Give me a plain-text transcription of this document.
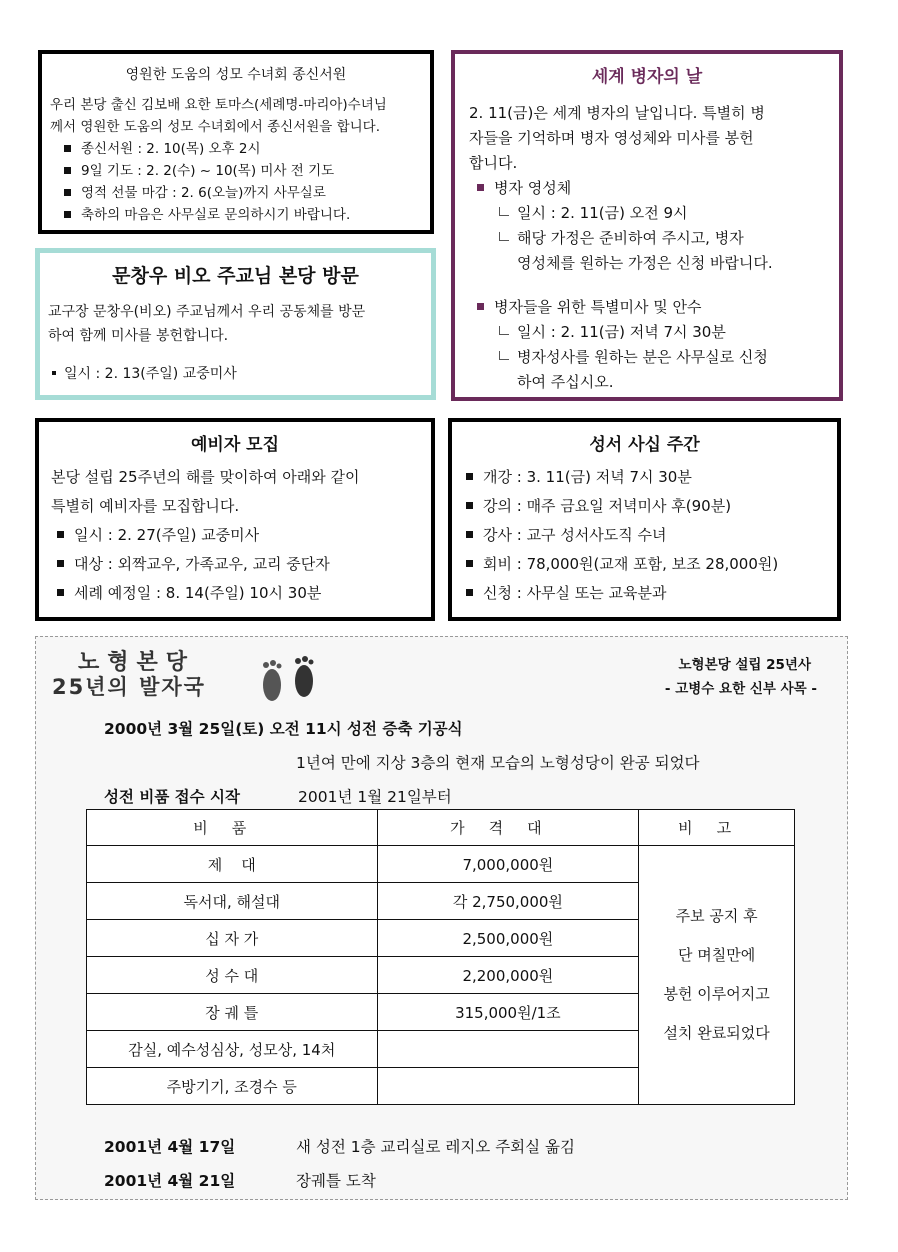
영원한 도움의 성모 수녀회 종신서원
우리 본당 출신 김보배 요한 토마스(세례명-마리아)수녀님
께서 영원한 도움의 성모 수녀회에서 종신서원을 합니다.
종신서원 : 2. 10(목) 오후 2시
9일 기도 : 2. 2(수) ~ 10(목) 미사 전 기도
영적 선물 마감 : 2. 6(오늘)까지 사무실로
축하의 마음은 사무실로 문의하시기 바랍니다.
문창우 비오 주교님 본당 방문
교구장 문창우(비오) 주교님께서 우리 공동체를 방문
하여 함께 미사를 봉헌합니다.
일시 : 2. 13(주일) 교중미사
세계 병자의 날
2. 11(금)은 세계 병자의 날입니다. 특별히 병
자들을 기억하며 병자 영성체와 미사를 봉헌
합니다.
병자 영성체
일시 : 2. 11(금) 오전 9시
해당 가정은 준비하여 주시고, 병자
영성체를 원하는 가정은 신청 바랍니다.
병자들을 위한 특별미사 및 안수
일시 : 2. 11(금) 저녁 7시 30분
병자성사를 원하는 분은 사무실로 신청
하여 주십시오.
예비자 모집
본당 설립 25주년의 해를 맞이하여 아래와 같이
특별히 예비자를 모집합니다.
일시 : 2. 27(주일) 교중미사
대상 : 외짝교우, 가족교우, 교리 중단자
세례 예정일 : 8. 14(주일) 10시 30분
성서 사십 주간
개강 : 3. 11(금) 저녁 7시 30분
강의 : 매주 금요일 저녁미사 후(90분)
강사 : 교구 성서사도직 수녀
회비 : 78,000원(교재 포함, 보조 28,000원)
신청 : 사무실 또는 교육분과
노형본당
25년의 발자국
노형본당 설립 25년사
- 고병수 요한 신부 사목 -
2000년 3월 25일(토) 오전 11시 성전 증축 기공식
1년여 만에 지상 3층의 현재 모습의 노형성당이 완공 되었다
성전 비품 접수 시작	2001년 1월 21일부터
비품	가격대	비고
제    대	7,000,000원	주보 공지 후
단 며칠만에
봉헌 이루어지고
설치 완료되었다

독서대, 해설대	각 2,750,000원	
십 자 가	2,500,000원	
성 수 대	2,200,000원	
장 궤 틀	315,000원/1조	
감실, 예수성심상, 성모상, 14처		
주방기기, 조경수 등		
2001년 4월 17일	새 성전 1층 교리실로 레지오 주회실 옮김
2001년 4월 21일	장궤틀 도착
